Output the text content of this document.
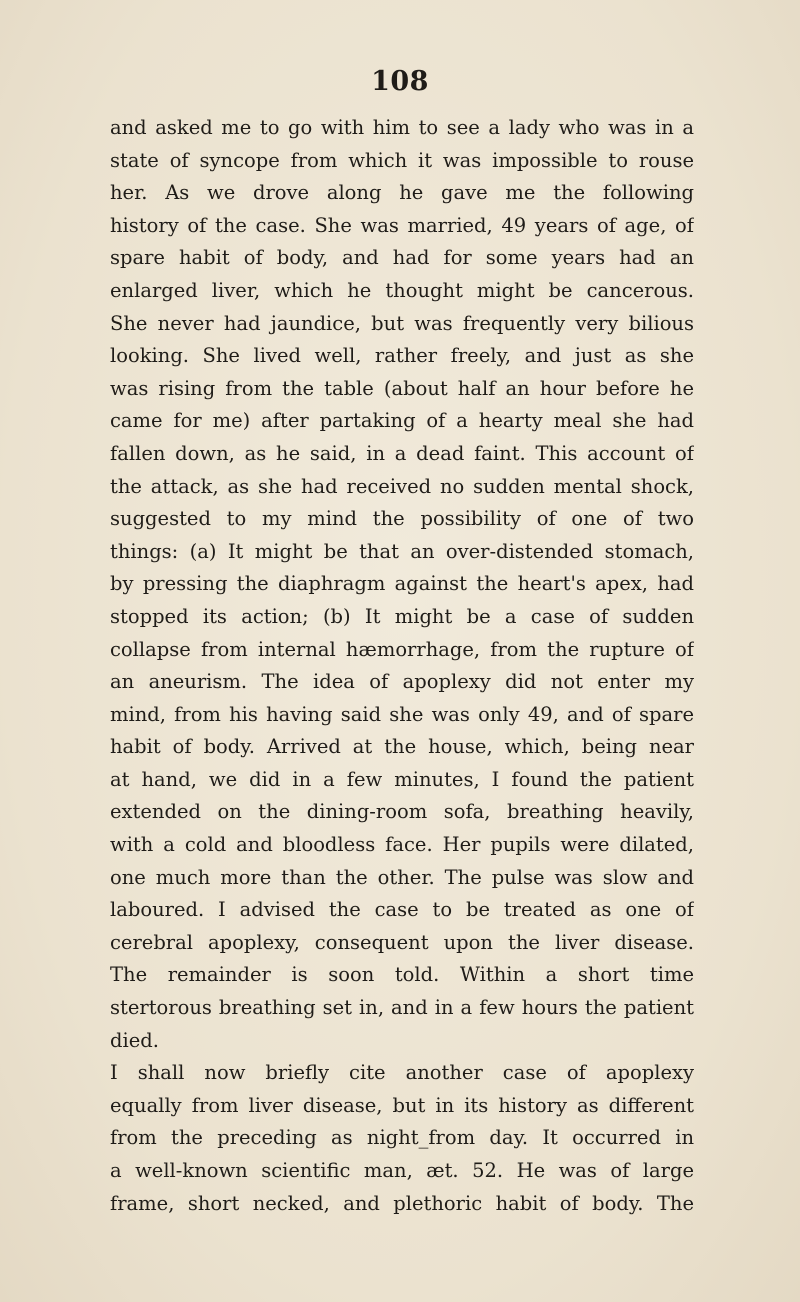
108
and asked me to go with him to see a lady who was in a
state of syncope from which it was impossible to rouse
her. As we drove along he gave me the following
history of the case. She was married, 49 years of age, of
spare habit of body, and had for some years had an
enlarged liver, which he thought might be cancerous.
She never had jaundice, but was frequently very bilious
looking. She lived well, rather freely, and just as she
was rising from the table (about half an hour before he
came for me) after partaking of a hearty meal she had
fallen down, as he said, in a dead faint. This account of
the attack, as she had received no sudden mental shock,
suggested to my mind the possibility of one of two
things: (a) It might be that an over-distended stomach,
by pressing the diaphragm against the heart's apex, had
stopped its action; (b) It might be a case of sudden
collapse from internal hæmorrhage, from the rupture of
an aneurism. The idea of apoplexy did not enter my
mind, from his having said she was only 49, and of spare
habit of body. Arrived at the house, which, being near
at hand, we did in a few minutes, I found the patient
extended on the dining-room sofa, breathing heavily,
with a cold and bloodless face. Her pupils were dilated,
one much more than the other. The pulse was slow and
laboured. I advised the case to be treated as one of
cerebral apoplexy, consequent upon the liver disease.
The remainder is soon told. Within a short time
stertorous breathing set in, and in a few hours the patient
died.
I shall now briefly cite another case of apoplexy
equally from liver disease, but in its history as different
from the preceding as night_from day. It occurred in
a well-known scientific man, æt. 52. He was of large
frame, short necked, and plethoric habit of body. The
